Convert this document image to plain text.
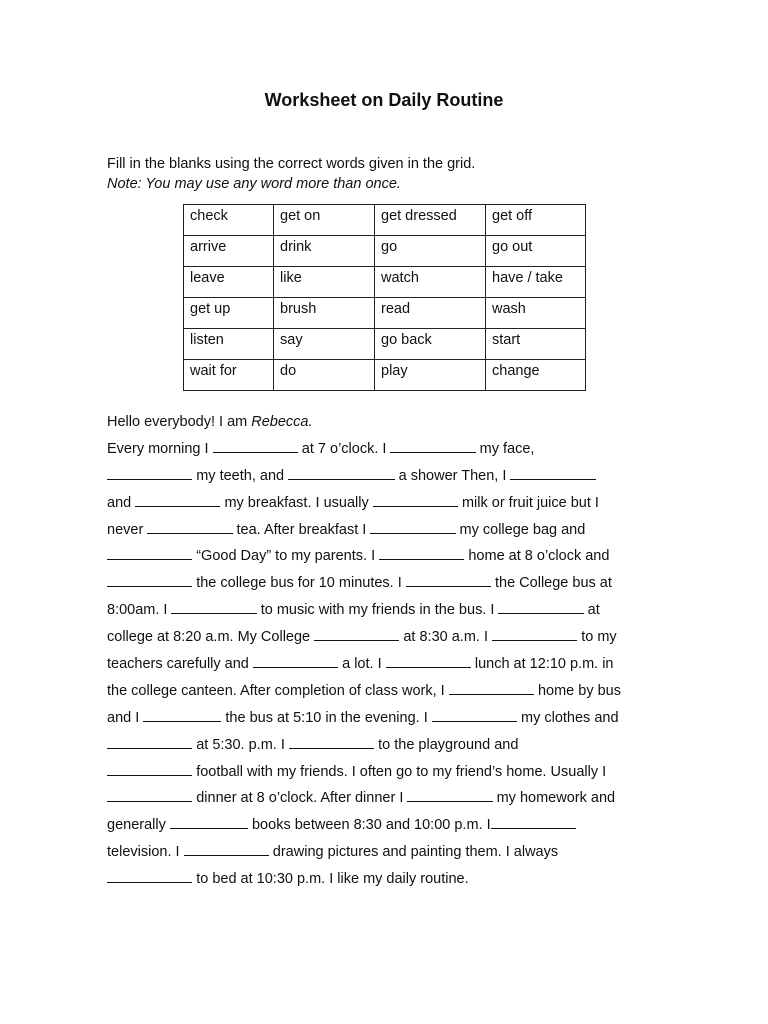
Worksheet on Daily Routine
Fill in the blanks using the correct words given in the grid.
Note: You may use any word more than once.
check	get on	get dressed	get off
arrive	drink	go	go out
leave	like	watch	have / take
get up	brush	read	wash
listen	say	go back	start
wait for	do	play	change
Hello everybody! I am Rebecca.
Every morning I	at 7 o’clock. I	my face,
my teeth, and	a shower Then, I
and	my breakfast. I usually	milk or fruit juice but I
never	tea. After breakfast I	my college bag and
“Good Day” to my parents. I	home at 8 o’clock and
the college bus for 10 minutes. I	the College bus at
8:00am. I	to music with my friends in the bus. I	at
college at 8:20 a.m. My College	at 8:30 a.m. I	to my
teachers carefully and	a lot. I	lunch at 12:10 p.m. in
the college canteen. After completion of class work, I	home by bus
and I	the bus at 5:10 in the evening. I	my clothes and
at 5:30. p.m. I	to the playground and
football with my friends. I often go to my friend’s home. Usually I
dinner at 8 o’clock. After dinner I	my homework and
generally	books between 8:30 and 10:00 p.m. I
television. I	drawing pictures and painting them. I always
to bed at 10:30 p.m. I like my daily routine.
